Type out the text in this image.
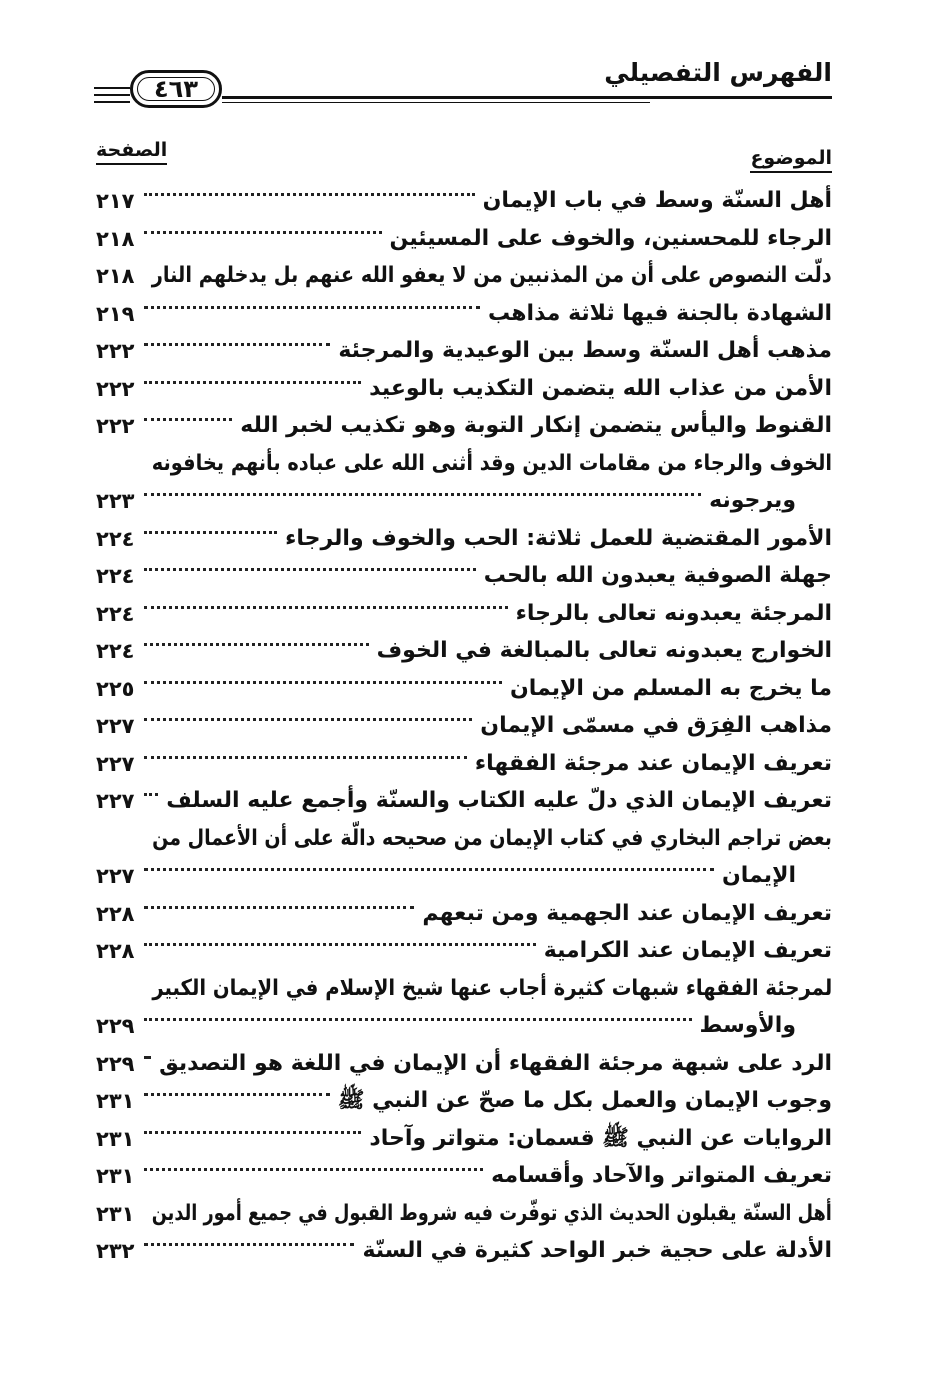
الفهرس التفصيلي
٤٦٣
الموضوع
الصفحة
أهل السنّة وسط في باب الإيمان
٢١٧
الرجاء للمحسنين، والخوف على المسيئين
٢١٨
دلّت النصوص على أن من المذنبين من لا يعفو الله عنهم بل يدخلهم النار
٢١٨
الشهادة بالجنة فيها ثلاثة مذاهب
٢١٩
مذهب أهل السنّة وسط بين الوعيدية والمرجئة
٢٢٢
الأمن من عذاب الله يتضمن التكذيب بالوعيد
٢٢٢
القنوط واليأس يتضمن إنكار التوبة وهو تكذيب لخبر الله
٢٢٢
الخوف والرجاء من مقامات الدين وقد أثنى الله على عباده بأنهم يخافونه
ويرجونه
٢٢٣
الأمور المقتضية للعمل ثلاثة: الحب والخوف والرجاء
٢٢٤
جهلة الصوفية يعبدون الله بالحب
٢٢٤
المرجئة يعبدونه تعالى بالرجاء
٢٢٤
الخوارج يعبدونه تعالى بالمبالغة في الخوف
٢٢٤
ما يخرج به المسلم من الإيمان
٢٢٥
مذاهب الفِرَق في مسمّى الإيمان
٢٢٧
تعريف الإيمان عند مرجئة الفقهاء
٢٢٧
تعريف الإيمان الذي دلّ عليه الكتاب والسنّة وأجمع عليه السلف
٢٢٧
بعض تراجم البخاري في كتاب الإيمان من صحيحه دالّة على أن الأعمال من
الإيمان
٢٢٧
تعريف الإيمان عند الجهمية ومن تبعهم
٢٢٨
تعريف الإيمان عند الكرامية
٢٢٨
لمرجئة الفقهاء شبهات كثيرة أجاب عنها شيخ الإسلام في الإيمان الكبير
والأوسط
٢٢٩
الرد على شبهة مرجئة الفقهاء أن الإيمان في اللغة هو التصديق
٢٢٩
وجوب الإيمان والعمل بكل ما صحّ عن النبي ﷺ
٢٣١
الروايات عن النبي ﷺ قسمان: متواتر وآحاد
٢٣١
تعريف المتواتر والآحاد وأقسامه
٢٣١
أهل السنّة يقبلون الحديث الذي توفّرت فيه شروط القبول في جميع أمور الدين
٢٣١
الأدلة على حجية خبر الواحد كثيرة في السنّة
٢٣٢
